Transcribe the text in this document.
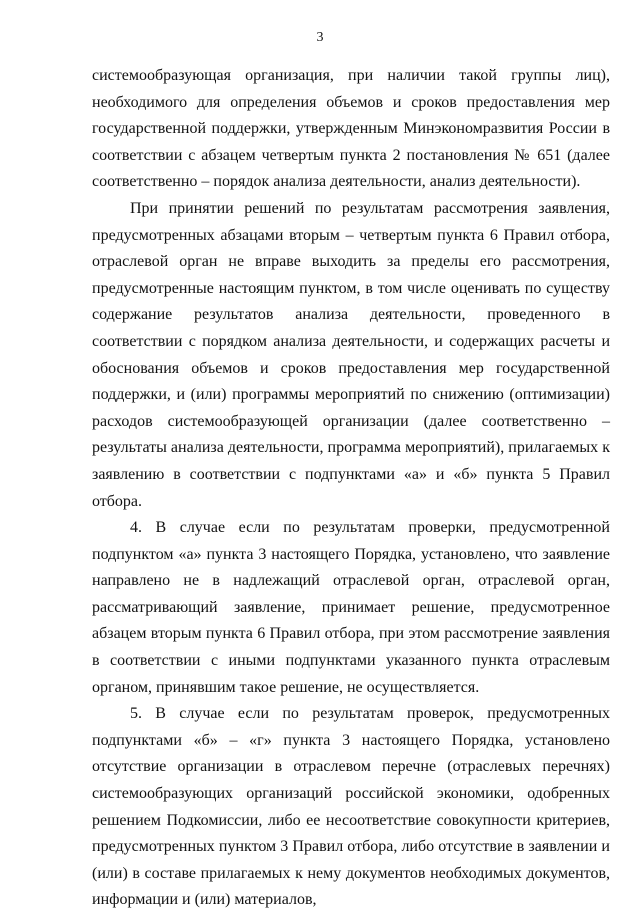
3

системообразующая организация, при наличии такой группы лиц), необходимого для определения объемов и сроков предоставления мер государственной поддержки, утвержденным Минэкономразвития России в соответствии с абзацем четвертым пункта 2 постановления № 651 (далее соответственно – порядок анализа деятельности, анализ деятельности).

При принятии решений по результатам рассмотрения заявления, предусмотренных абзацами вторым – четвертым пункта 6 Правил отбора, отраслевой орган не вправе выходить за пределы его рассмотрения, предусмотренные настоящим пунктом, в том числе оценивать по существу содержание результатов анализа деятельности, проведенного в соответствии с порядком анализа деятельности, и содержащих расчеты и обоснования объемов и сроков предоставления мер государственной поддержки, и (или) программы мероприятий по снижению (оптимизации) расходов системообразующей организации (далее соответственно – результаты анализа деятельности, программа мероприятий), прилагаемых к заявлению в соответствии с подпунктами «а» и «б» пункта 5 Правил отбора.

4. В случае если по результатам проверки, предусмотренной подпунктом «а» пункта 3 настоящего Порядка, установлено, что заявление направлено не в надлежащий отраслевой орган, отраслевой орган, рассматривающий заявление, принимает решение, предусмотренное абзацем вторым пункта 6 Правил отбора, при этом рассмотрение заявления в соответствии с иными подпунктами указанного пункта отраслевым органом, принявшим такое решение, не осуществляется.

5. В случае если по результатам проверок, предусмотренных подпунктами «б» – «г» пункта 3 настоящего Порядка, установлено отсутствие организации в отраслевом перечне (отраслевых перечнях) системообразующих организаций российской экономики, одобренных решением Подкомиссии, либо ее несоответствие совокупности критериев, предусмотренных пунктом 3 Правил отбора, либо отсутствие в заявлении и (или) в составе прилагаемых к нему документов необходимых документов, информации и (или) материалов,
